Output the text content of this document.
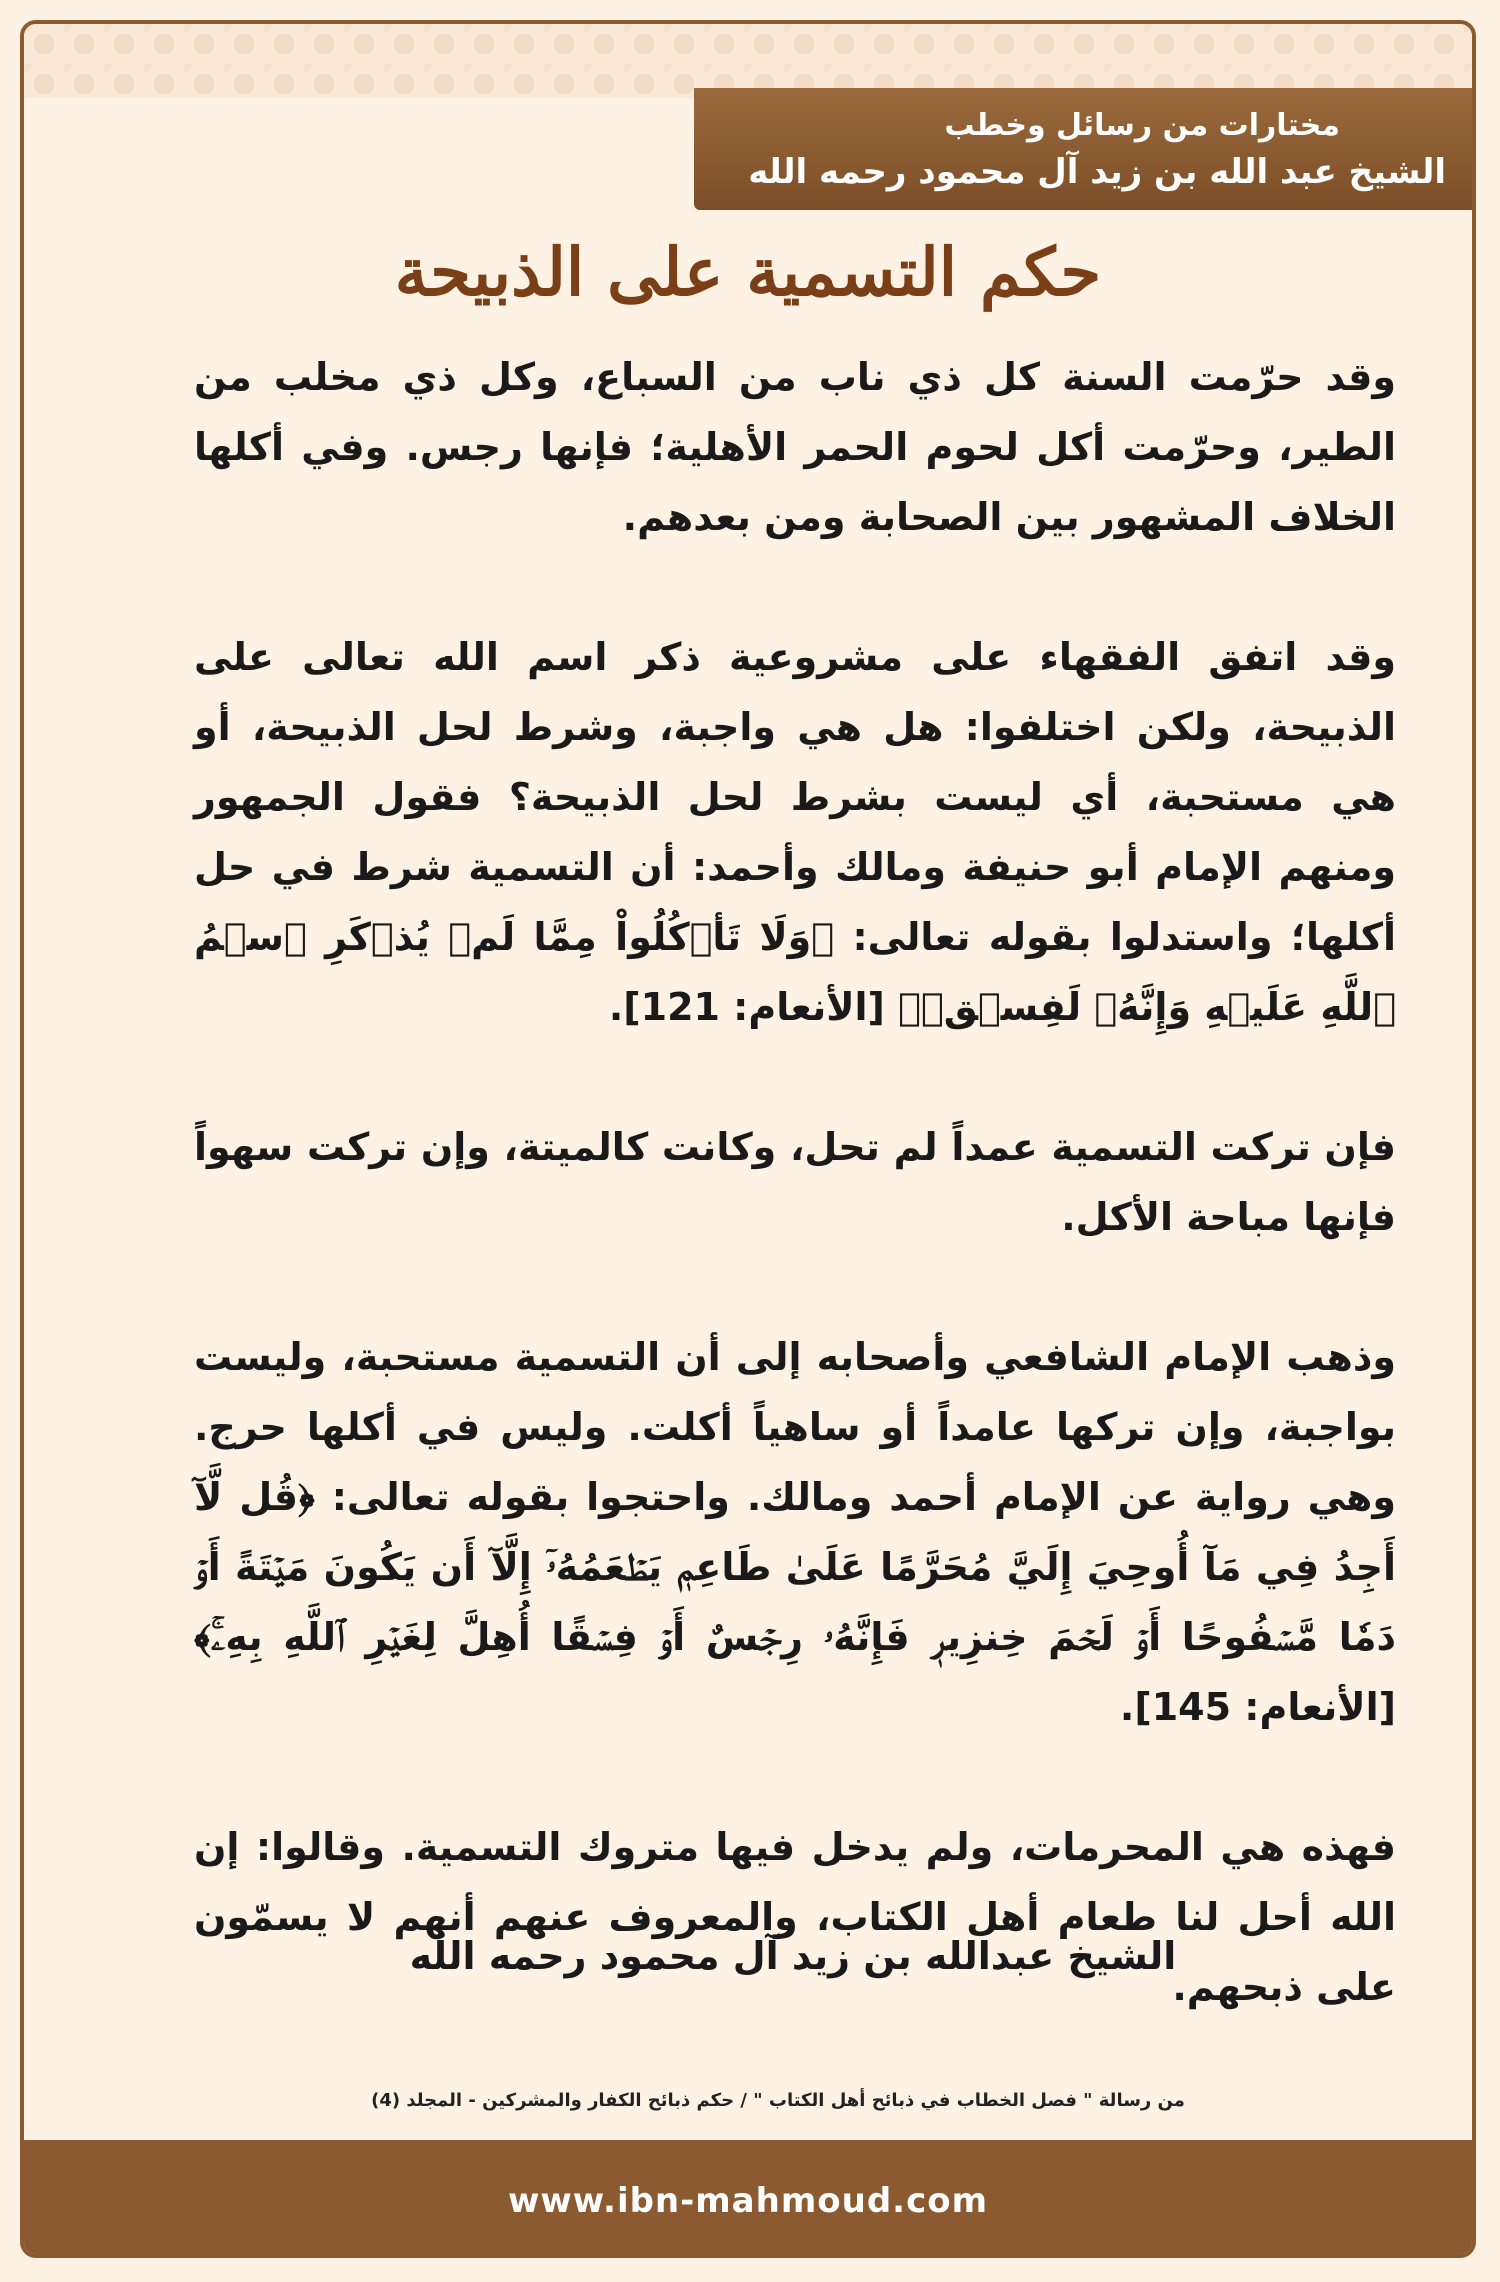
مختارات من رسائل وخطب
الشيخ عبد الله بن زيد آل محمود رحمه الله
حكم التسمية على الذبيحة

وقد حرّمت السنة كل ذي ناب من السباع، وكل ذي مخلب من الطير، وحرّمت أكل لحوم الحمر الأهلية؛ فإنها رجس. وفي أكلها الخلاف المشهور بين الصحابة ومن بعدهم.

وقد اتفق الفقهاء على مشروعية ذكر اسم الله تعالى على الذبيحة، ولكن اختلفوا: هل هي واجبة، وشرط لحل الذبيحة، أو هي مستحبة، أي ليست بشرط لحل الذبيحة؟ فقول الجمهور ومنهم الإمام أبو حنيفة ومالك وأحمد: أن التسمية شرط في حل أكلها؛ واستدلوا بقوله تعالى: ﴿وَلَا تَأۡكُلُواْ مِمَّا لَمۡ يُذۡكَرِ ٱسۡمُ ٱللَّهِ عَلَيۡهِ وَإِنَّهُۥ لَفِسۡقٞ﴾ [الأنعام: 121].

فإن تركت التسمية عمداً لم تحل، وكانت كالميتة، وإن تركت سهواً فإنها مباحة الأكل.

وذهب الإمام الشافعي وأصحابه إلى أن التسمية مستحبة، وليست بواجبة، وإن تركها عامداً أو ساهياً أكلت. وليس في أكلها حرج. وهي رواية عن الإمام أحمد ومالك. واحتجوا بقوله تعالى: ﴿قُل لَّآ أَجِدُ فِي مَآ أُوحِيَ إِلَيَّ مُحَرَّمًا عَلَىٰ طَاعِمٖ يَطۡعَمُهُۥٓ إِلَّآ أَن يَكُونَ مَيۡتَةً أَوۡ دَمٗا مَّسۡفُوحًا أَوۡ لَحۡمَ خِنزِيرٖ فَإِنَّهُۥ رِجۡسٌ أَوۡ فِسۡقًا أُهِلَّ لِغَيۡرِ ٱللَّهِ بِهِۦۚ﴾ [الأنعام: 145].

فهذه هي المحرمات، ولم يدخل فيها متروك التسمية. وقالوا: إن الله أحل لنا طعام أهل الكتاب، والمعروف عنهم أنهم لا يسمّون على ذبحهم.

الشيخ عبدالله بن زيد آل محمود رحمه الله
من رسالة " فصل الخطاب في ذبائح أهل الكتاب " / حكم ذبائح الكفار والمشركين - المجلد (4)
www.ibn-mahmoud.com
